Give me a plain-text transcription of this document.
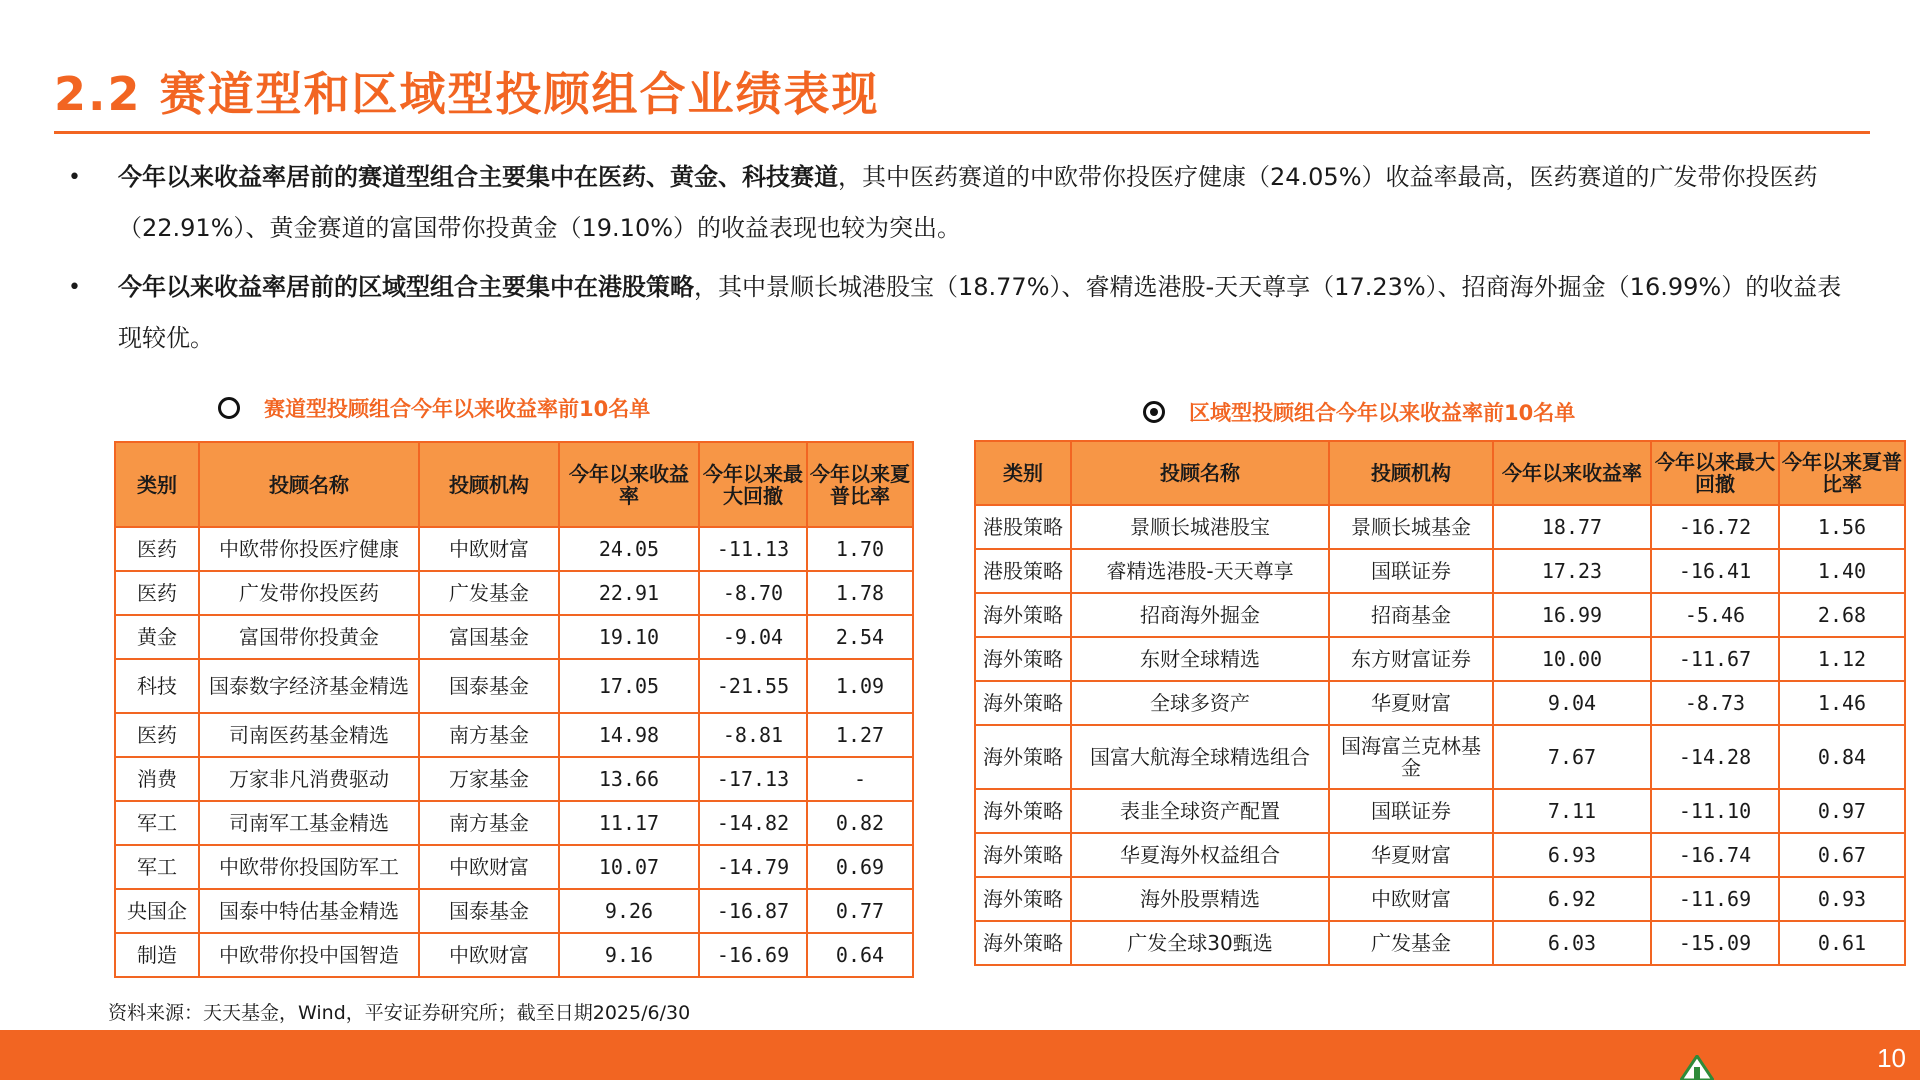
2.2 赛道型和区域型投顾组合业绩表现
• 今年以来收益率居前的赛道型组合主要集中在医药、黄金、科技赛道，其中医药赛道的中欧带你投医疗健康（24.05%）收益率最高，医药赛道的广发带你投医药（22.91%）、黄金赛道的富国带你投黄金（19.10%）的收益表现也较为突出。
• 今年以来收益率居前的区域型组合主要集中在港股策略，其中景顺长城港股宝（18.77%）、睿精选港股-天天尊享（17.23%）、招商海外掘金（16.99%）的收益表现较优。
赛道型投顾组合今年以来收益率前10名单	区域型投顾组合今年以来收益率前10名单
类别	投顾名称	投顾机构	今年以来收益率	今年以来最大回撤	今年以来夏普比率
医药	中欧带你投医疗健康	中欧财富	24.05	-11.13	1.70
医药	广发带你投医药	广发基金	22.91	-8.70	1.78
黄金	富国带你投黄金	富国基金	19.10	-9.04	2.54
科技	国泰数字经济基金精选	国泰基金	17.05	-21.55	1.09
医药	司南医药基金精选	南方基金	14.98	-8.81	1.27
消费	万家非凡消费驱动	万家基金	13.66	-17.13	-
军工	司南军工基金精选	南方基金	11.17	-14.82	0.82
军工	中欧带你投国防军工	中欧财富	10.07	-14.79	0.69
央国企	国泰中特估基金精选	国泰基金	9.26	-16.87	0.77
制造	中欧带你投中国智造	中欧财富	9.16	-16.69	0.64
类别	投顾名称	投顾机构	今年以来收益率	今年以来最大回撤	今年以来夏普比率
港股策略	景顺长城港股宝	景顺长城基金	18.77	-16.72	1.56
港股策略	睿精选港股-天天尊享	国联证券	17.23	-16.41	1.40
海外策略	招商海外掘金	招商基金	16.99	-5.46	2.68
海外策略	东财全球精选	东方财富证券	10.00	-11.67	1.12
海外策略	全球多资产	华夏财富	9.04	-8.73	1.46
海外策略	国富大航海全球精选组合	国海富兰克林基金	7.67	-14.28	0.84
海外策略	表韭全球资产配置	国联证券	7.11	-11.10	0.97
海外策略	华夏海外权益组合	华夏财富	6.93	-16.74	0.67
海外策略	海外股票精选	中欧财富	6.92	-11.69	0.93
海外策略	广发全球30甄选	广发基金	6.03	-15.09	0.61
资料来源：天天基金，Wind，平安证券研究所；截至日期2025/6/30
10
